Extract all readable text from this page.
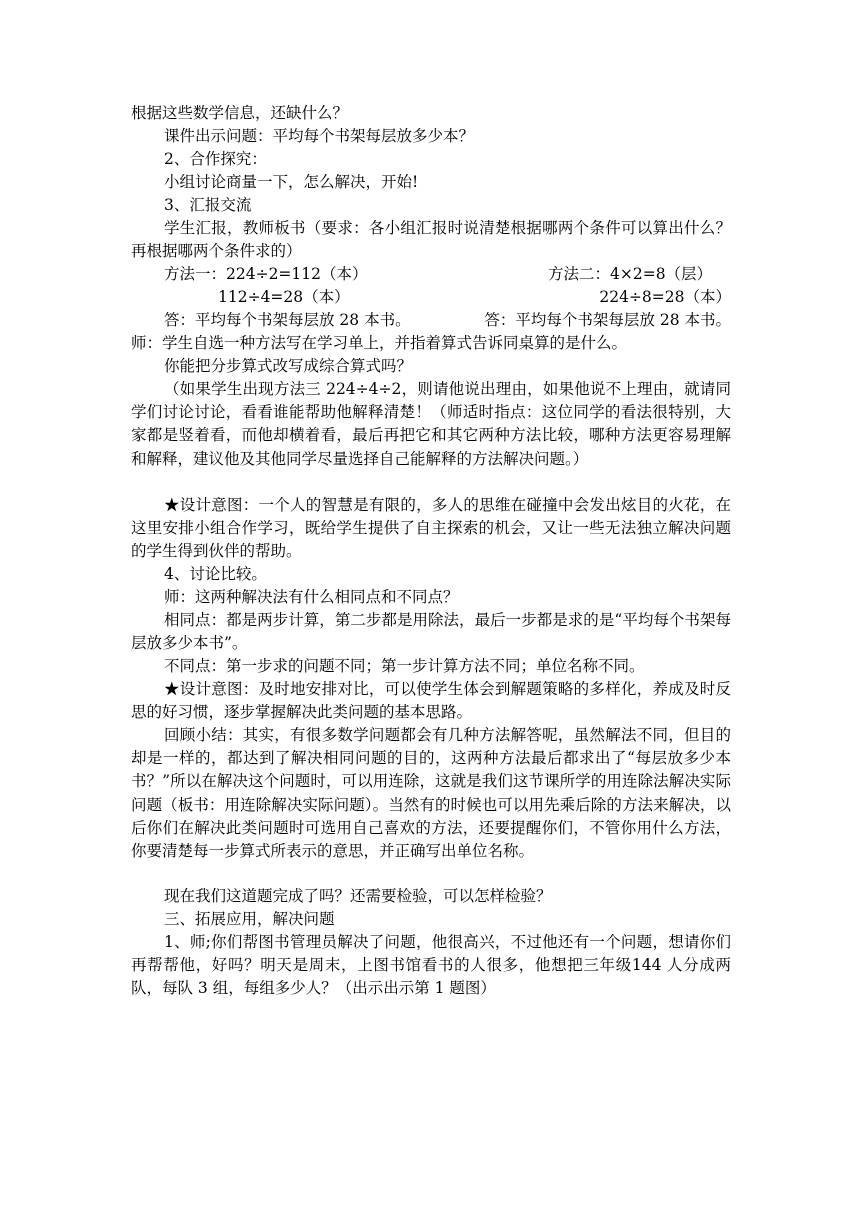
根据这些数学信息，还缺什么？
课件出示问题：平均每个书架每层放多少本？
2、合作探究：
小组讨论商量一下，怎么解决，开始!
3、汇报交流
学生汇报，教师板书（要求：各小组汇报时说清楚根据哪两个条件可以算出什么？再根据哪两个条件求的）
方法一：224÷2=112（本）	方法二：4×2=8（层）
112÷4=28（本）	224÷8=28（本）
答：平均每个书架每层放 28 本书。	答：平均每个书架每层放 28 本书。
师：学生自选一种方法写在学习单上，并指着算式告诉同桌算的是什么。
你能把分步算式改写成综合算式吗？
（如果学生出现方法三 224÷4÷2，则请他说出理由，如果他说不上理由，就请同学们讨论讨论，看看谁能帮助他解释清楚！（师适时指点：这位同学的看法很特别，大家都是竖着看，而他却横着看，最后再把它和其它两种方法比较，哪种方法更容易理解和解释，建议他及其他同学尽量选择自己能解释的方法解决问题。）
★设计意图：一个人的智慧是有限的，多人的思维在碰撞中会发出炫目的火花，在这里安排小组合作学习，既给学生提供了自主探索的机会，又让一些无法独立解决问题的学生得到伙伴的帮助。
4、讨论比较。
师：这两种解决法有什么相同点和不同点？
相同点：都是两步计算，第二步都是用除法，最后一步都是求的是“平均每个书架每层放多少本书”。
不同点：第一步求的问题不同；第一步计算方法不同；单位名称不同。
★设计意图：及时地安排对比，可以使学生体会到解题策略的多样化，养成及时反思的好习惯，逐步掌握解决此类问题的基本思路。
回顾小结：其实，有很多数学问题都会有几种方法解答呢，虽然解法不同，但目的却是一样的，都达到了解决相同问题的目的，这两种方法最后都求出了“每层放多少本书？”所以在解决这个问题时，可以用连除，这就是我们这节课所学的用连除法解决实际问题（板书：用连除解决实际问题）。当然有的时候也可以用先乘后除的方法来解决，以后你们在解决此类问题时可选用自己喜欢的方法，还要提醒你们，不管你用什么方法，你要清楚每一步算式所表示的意思，并正确写出单位名称。
现在我们这道题完成了吗？还需要检验，可以怎样检验？
三、拓展应用，解决问题
1、师;你们帮图书管理员解决了问题，他很高兴，不过他还有一个问题，想请你们再帮帮他，好吗？明天是周末，上图书馆看书的人很多，他想把三年级144 人分成两队，每队 3 组，每组多少人？（出示出示第 1 题图）
